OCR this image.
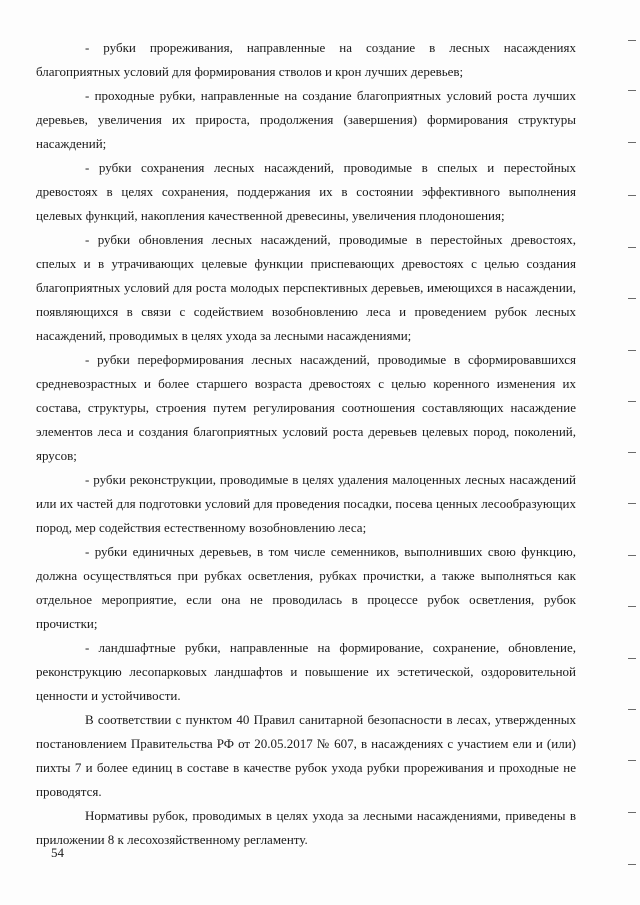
- рубки прореживания, направленные на создание в лесных насаждениях благоприятных условий для формирования стволов и крон лучших деревьев;

- проходные рубки, направленные на создание благоприятных условий роста лучших деревьев, увеличения их прироста, продолжения (завершения) формирования структуры насаждений;

- рубки сохранения лесных насаждений, проводимые в спелых и перестойных древостоях в целях сохранения, поддержания их в состоянии эффективного выполнения целевых функций, накопления качественной древесины, увеличения плодоношения;

- рубки обновления лесных насаждений, проводимые в перестойных древостоях, спелых и в утрачивающих целевые функции приспевающих древостоях с целью создания благоприятных условий для роста молодых перспективных деревьев, имеющихся в насаждении, появляющихся в связи с содействием возобновлению леса и проведением рубок лесных насаждений, проводимых в целях ухода за лесными насаждениями;

- рубки переформирования лесных насаждений, проводимые в сформировавшихся средневозрастных и более старшего возраста древостоях с целью коренного изменения их состава, структуры, строения путем регулирования соотношения составляющих насаждение элементов леса и создания благоприятных условий роста деревьев целевых пород, поколений, ярусов;

- рубки реконструкции, проводимые в целях удаления малоценных лесных насаждений или их частей для подготовки условий для проведения посадки, посева ценных лесообразующих пород, мер содействия естественному возобновлению леса;

- рубки единичных деревьев, в том числе семенников, выполнивших свою функцию, должна осуществляться при рубках осветления, рубках прочистки, а также выполняться как отдельное мероприятие, если она не проводилась в процессе рубок осветления, рубок прочистки;

- ландшафтные рубки, направленные на формирование, сохранение, обновление, реконструкцию лесопарковых ландшафтов и повышение их эстетической, оздоровительной ценности и устойчивости.

В соответствии с пунктом 40 Правил санитарной безопасности в лесах, утвержденных постановлением Правительства РФ от 20.05.2017 № 607, в насаждениях с участием ели и (или) пихты 7 и более единиц в составе в качестве рубок ухода рубки прореживания и проходные не проводятся.

Нормативы рубок, проводимых в целях ухода за лесными насаждениями, приведены в приложении 8 к лесохозяйственному регламенту.

54
